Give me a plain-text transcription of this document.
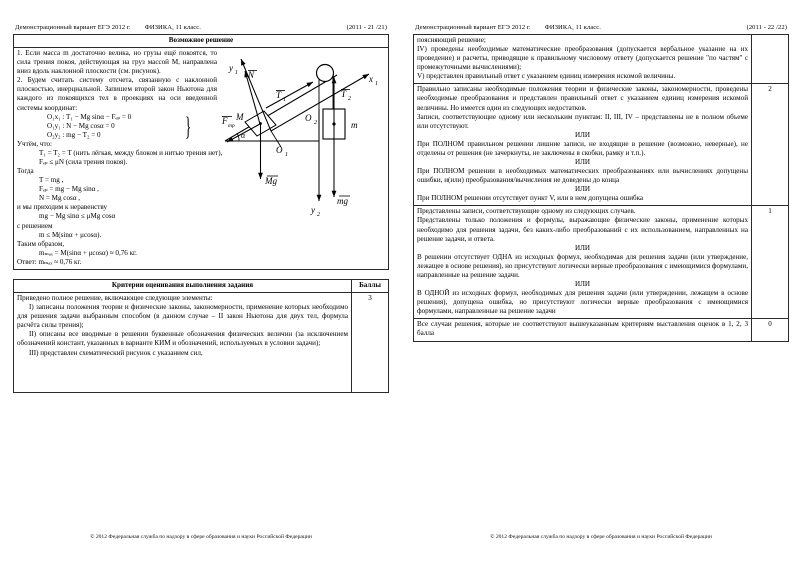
Демонстрационный вариант ЕГЭ 2012 г. ФИЗИКА, 11 класс.	(2011 - 21 /21)
Возможное решение

y 1
x 1
y 2
N
T 1
T 2
F тр
Mg
mg
M
m
O 1
O 2
α

1. Если масса m достаточно велика, но грузы ещё покоятся, то сила трения покоя, действующая на груз массой M, направлена вниз вдоль наклонной плоскости (см. рисунок).

2. Будем считать систему отсчета, связанную с наклонной плоскостью, инерциальной. Запишем второй закон Ньютона для каждого из покоящихся тел в проекциях на оси введенной системы координат:

O₁x₁ : T₁ − Mg sinα − Fₑₚ = 0

O₁y₁ : N − Mg cosα = 0

O₂y₂ : mg − T₂ = 0	}

Учтём, что:

T₁ = T₂ = T (нить лёгкая, между блоком и нитью трения нет),

Fₑₚ ≤ μN (сила трения покоя).

Тогда

T = mg ,

Fₑₚ = mg − Mg sinα ,

N = Mg cosα ,

и мы приходим к неравенству

mg − Mg sinα ≤ μMg cosα

с решением

m ≤ M(sinα + μcosα).

Таким образом,

mₘₐₓ = M(sinα + μcosα) ≈ 0,76 кг.

Ответ: mₘₐₓ ≈ 0,76 кг.

Критерии оценивания выполнения задания	Баллы

Приведено полное решение, включающее следующие элементы:

I) записаны положения теории и физические законы, закономерности, применение которых необходимо для решения задачи выбранным способом (в данном случае – II закон Ньютона для двух тел, формула расчёта силы трения);

II) описаны все вводимые в решении буквенные обозначения физических величин (за исключением обозначений констант, указанных в варианте КИМ и обозначений, используемых в условии задачи);

III) представлен схематический рисунок с указанием сил,	3
© 2012 Федеральная служба по надзору в сфере образования и науки Российской Федерации
Демонстрационный вариант ЕГЭ 2012 г. ФИЗИКА, 11 класс.	(2011 - 22 /22)

поясняющий решение;

IV) проведены необходимые математические преобразования (допускается вербальное указание на их проведение) и расчеты, приводящие к правильному числовому ответу (допускается решение "по частям" с промежуточными вычислениями);

V) представлен правильный ответ с указанием единиц измерения искомой величины.	

Правильно записаны необходимые положения теории и физические законы, закономерности, проведены необходимые преобразования и представлен правильный ответ с указанием единиц измерения искомой величины. Но имеется один из следующих недостатков.

Записи, соответствующие одному или нескольким пунктам: II, III, IV – представлены не в полном объеме или отсутствуют.

ИЛИ

При ПОЛНОМ правильном решении лишние записи, не входящие в решение (возможно, неверные), не отделены от решения (не зачеркнуты, не заключены в скобки, рамку и т.п.).

ИЛИ

При ПОЛНОМ решении в необходимых математических преобразованиях или вычислениях допущены ошибки, и(или) преобразования/вычисления не доведены до конца

ИЛИ

При ПОЛНОМ решении отсутствует пункт V, или в нем допущена ошибка

	2

Представлены записи, соответствующие одному из следующих случаев.

Представлены только положения и формулы, выражающие физические законы, применение которых необходимо для решения задачи, без каких-либо преобразований с их использованием, направленных на решение задачи, и ответа.

ИЛИ

В решении отсутствует ОДНА из исходных формул, необходимая для решения задачи (или утверждение, лежащее в основе решения), но присутствуют логически верные преобразования с имеющимися формулами, направленные на решение задачи.

ИЛИ

В ОДНОЙ из исходных формул, необходимых для решения задачи (или утверждении, лежащем в основе решения), допущена ошибка, но присутствуют логически верные преобразования с имеющимися формулами, направленные на решение задачи

	1

Все случаи решения, которые не соответствуют вышеуказанным критериям выставления оценок в 1, 2, 3 балла	0
© 2012 Федеральная служба по надзору в сфере образования и науки Российской Федерации
